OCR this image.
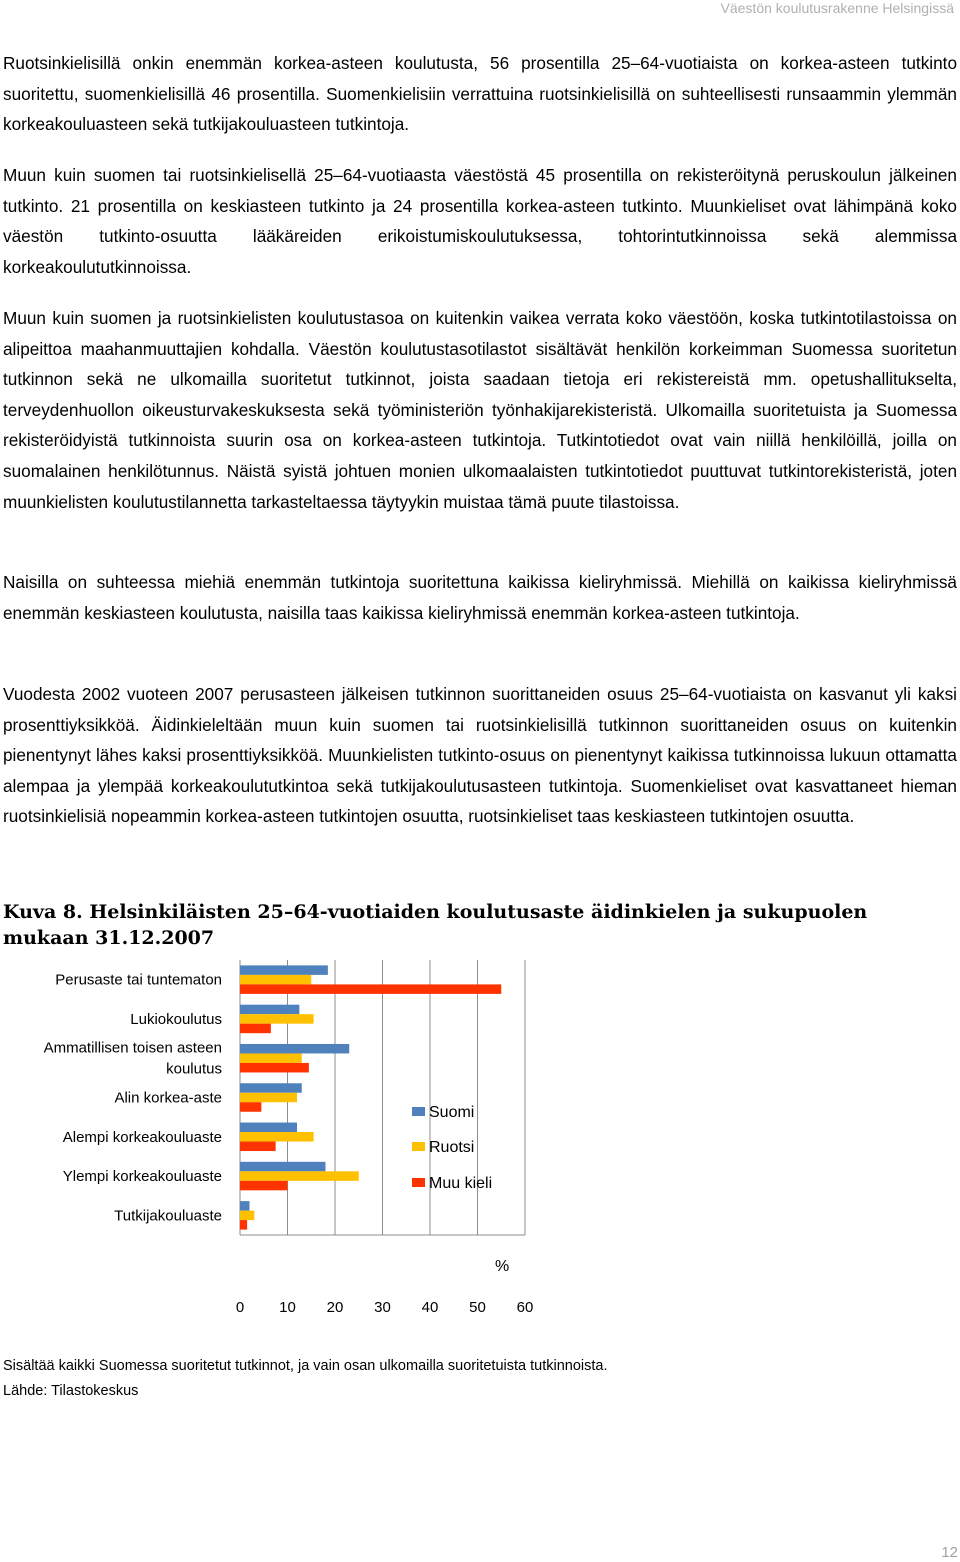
Väestön koulutusrakenne Helsingissä

Ruotsinkielisillä onkin enemmän korkea-asteen koulutusta, 56 prosentilla 25–64-vuotiaista on korkea-asteen tutkinto suoritettu, suomenkielisillä 46 prosentilla. Suomenkielisiin verrattuina ruotsinkielisillä on suhteellisesti runsaammin ylemmän korkeakouluasteen sekä tutkijakouluasteen tutkintoja.

Muun kuin suomen tai ruotsinkielisellä 25–64-vuotiaasta väestöstä 45 prosentilla on rekisteröitynä peruskoulun jälkeinen tutkinto. 21 prosentilla on keskiasteen tutkinto ja 24 prosentilla korkea-asteen tutkinto. Muunkieliset ovat lähimpänä koko väestön tutkinto-osuutta lääkäreiden erikoistumiskoulutuksessa, tohtorintutkinnoissa sekä alemmissa korkeakoulututkinnoissa.

Muun kuin suomen ja ruotsinkielisten koulutustasoa on kuitenkin vaikea verrata koko väestöön, koska tutkintotilastoissa on alipeittoa maahanmuuttajien kohdalla. Väestön koulutustasotilastot sisältävät henkilön korkeimman Suomessa suoritetun tutkinnon sekä ne ulkomailla suoritetut tutkinnot, joista saadaan tietoja eri rekistereistä mm. opetushallitukselta, terveydenhuollon oikeusturvakeskuksesta sekä työministeriön työnhakijarekisteristä. Ulkomailla suoritetuista ja Suomessa rekisteröidyistä tutkinnoista suurin osa on korkea-asteen tutkintoja. Tutkintotiedot ovat vain niillä henkilöillä, joilla on suomalainen henkilötunnus. Näistä syistä johtuen monien ulkomaalaisten tutkintotiedot puuttuvat tutkintorekisteristä, joten muunkielisten koulutustilannetta tarkasteltaessa täytyykin muistaa tämä puute tilastoissa.

Naisilla on suhteessa miehiä enemmän tutkintoja suoritettuna kaikissa kieliryhmissä. Miehillä on kaikissa kieliryhmissä enemmän keskiasteen koulutusta, naisilla taas kaikissa kieliryhmissä enemmän korkea-asteen tutkintoja.

Vuodesta 2002 vuoteen 2007 perusasteen jälkeisen tutkinnon suorittaneiden osuus 25–64-vuotiaista on kasvanut yli kaksi prosenttiyksikköä. Äidinkieleltään muun kuin suomen tai ruotsinkielisillä tutkinnon suorittaneiden osuus on kuitenkin pienentynyt lähes kaksi prosenttiyksikköä. Muunkielisten tutkinto-osuus on pienentynyt kaikissa tutkinnoissa lukuun ottamatta alempaa ja ylempää korkeakoulututkintoa sekä tutkijakoulutusasteen tutkintoja. Suomenkieliset ovat kasvattaneet hieman ruotsinkielisiä nopeammin korkea-asteen tutkintojen osuutta, ruotsinkieliset taas keskiasteen tutkintojen osuutta.

Kuva 8. Helsinkiläisten 25–64-vuotiaiden koulutusaste äidinkielen ja sukupuolen mukaan 31.12.2007
Perusaste tai tuntematon
Lukiokoulutus
Ammatillisen toisen asteen
koulutus
Alin korkea-aste
Alempi korkeakouluaste
Ylempi korkeakouluaste
Tutkijakouluaste
0 10 20 30 40 50 60
%
Suomi
Ruotsi
Muu kieli
Sisältää kaikki Suomessa suoritetut tutkinnot, ja vain osan ulkomailla suoritetuista tutkinnoista.
Lähde: Tilastokeskus
12
